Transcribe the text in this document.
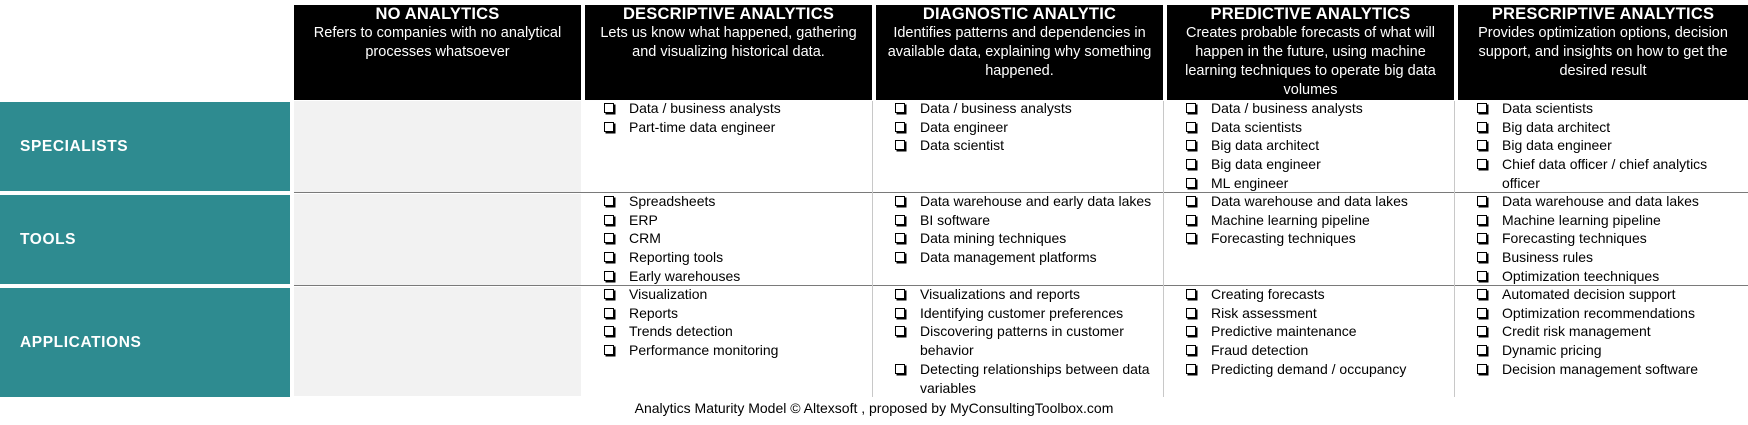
NO ANALYTICS
Refers to companies with no analytical processes whatsoever
DESCRIPTIVE ANALYTICS
Lets us know what happened, gathering and visualizing historical data.
DIAGNOSTIC ANALYTIC
Identifies patterns and dependencies in available data, explaining why something happened.
PREDICTIVE ANALYTICS
Creates probable forecasts of what will happen in the future, using machine learning techniques to operate big data volumes
PRESCRIPTIVE ANALYTICS
Provides optimization options, decision support, and insights on how to get the desired result
SPECIALISTS
TOOLS
APPLICATIONS
Data / business analysts
Part-time data engineer
Data / business analysts
Data engineer
Data scientist
Data / business analysts
Data scientists
Big data architect
Big data engineer
ML engineer
Data scientists
Big data architect
Big data engineer
Chief data officer / chief analytics officer
Spreadsheets
ERP
CRM
Reporting tools
Early warehouses
Data warehouse and early data lakes
BI software
Data mining techniques
Data management platforms
Data warehouse and data lakes
Machine learning pipeline
Forecasting techniques
Data warehouse and data lakes
Machine learning pipeline
Forecasting techniques
Business rules
Optimization teechniques
Visualization
Reports
Trends detection
Performance monitoring
Visualizations and reports
Identifying customer preferences
Discovering patterns in customer behavior
Detecting relationships between data variables
Creating forecasts
Risk assessment
Predictive maintenance
Fraud detection
Predicting demand / occupancy
Automated decision support
Optimization recommendations
Credit risk management
Dynamic pricing
Decision management software
Analytics Maturity Model © Altexsoft , proposed by MyConsultingToolbox.com
